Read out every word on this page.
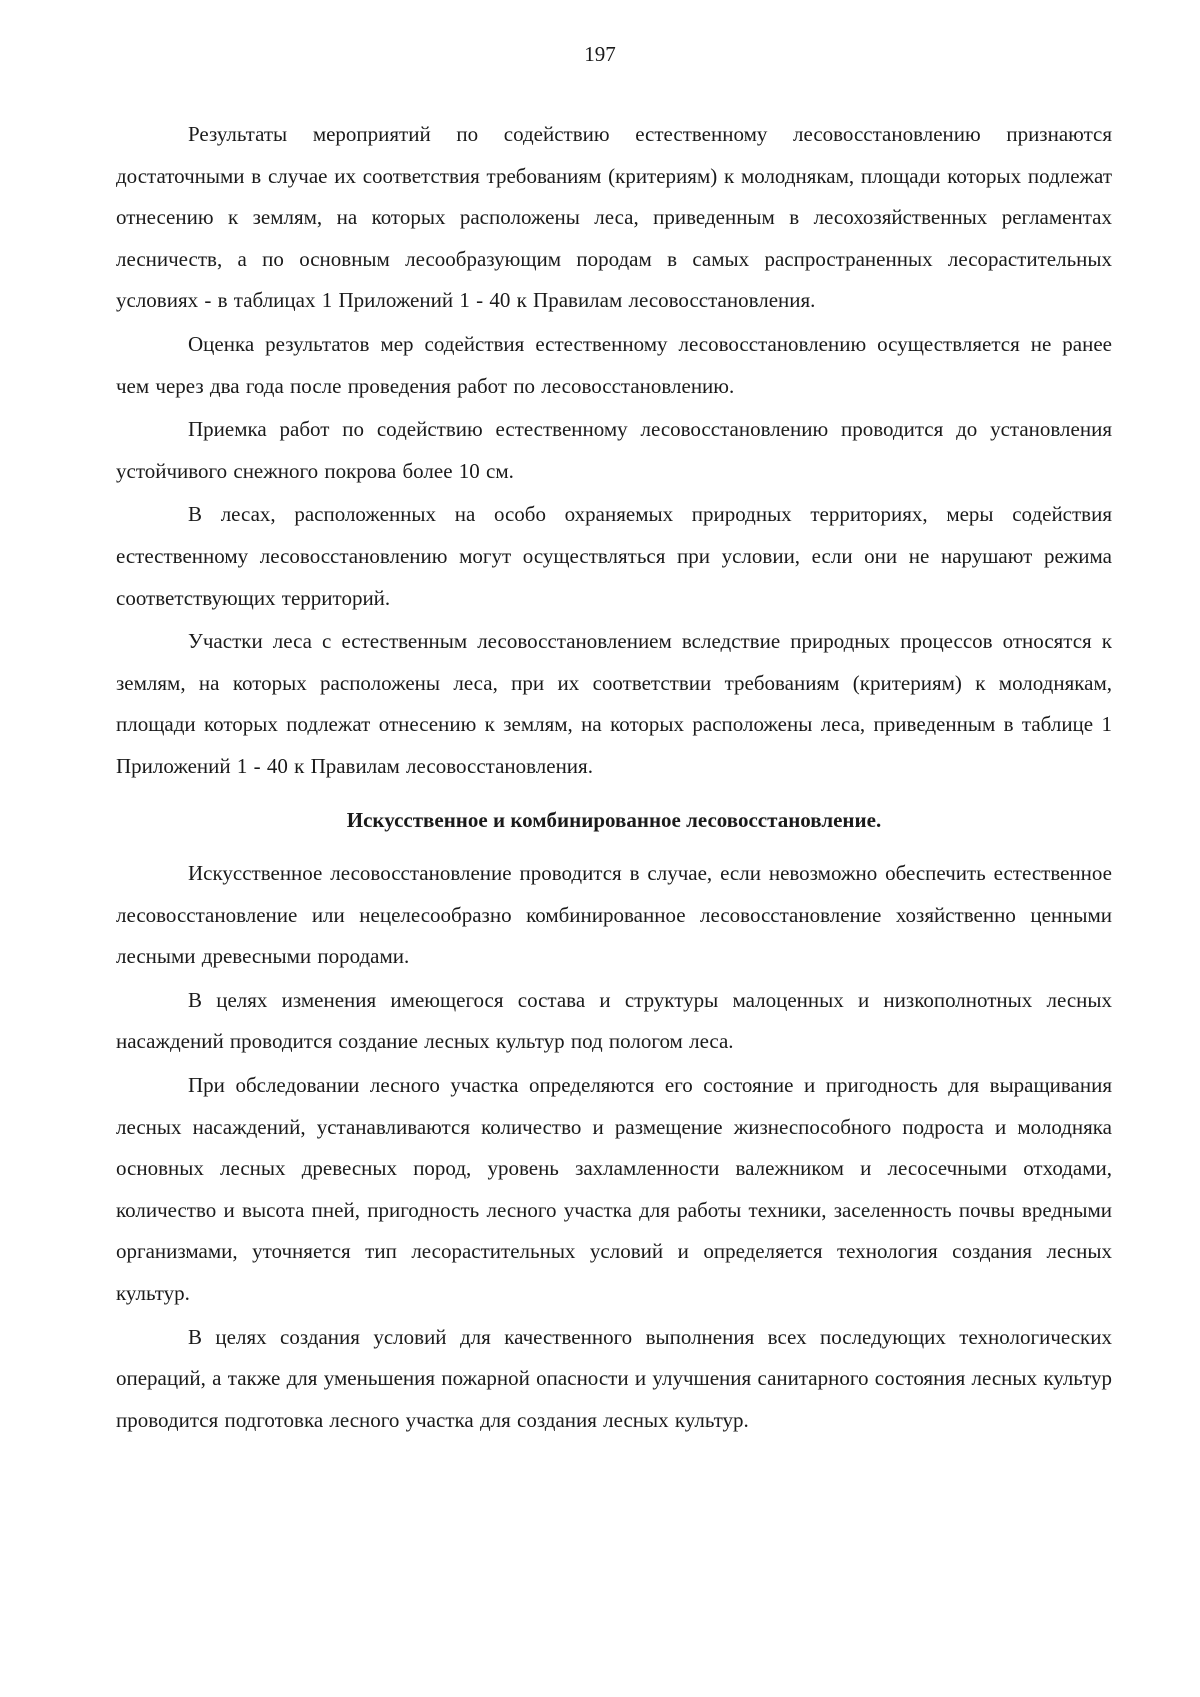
197

Результаты мероприятий по содействию естественному лесовосстановлению признаются достаточными в случае их соответствия требованиям (критериям) к молоднякам, площади которых подлежат отнесению к землям, на которых расположены леса, приведенным в лесохозяйственных регламентах лесничеств, а по основным лесообразующим породам в самых распространенных лесорастительных условиях - в таблицах 1 Приложений 1 - 40 к Правилам лесовосстановления.

Оценка результатов мер содействия естественному лесовосстановлению осуществляется не ранее чем через два года после проведения работ по лесовосстановлению.

Приемка работ по содействию естественному лесовосстановлению проводится до установления устойчивого снежного покрова более 10 см.

В лесах, расположенных на особо охраняемых природных территориях, меры содействия естественному лесовосстановлению могут осуществляться при условии, если они не нарушают режима соответствующих территорий.

Участки леса с естественным лесовосстановлением вследствие природных процессов относятся к землям, на которых расположены леса, при их соответствии требованиям (критериям) к молоднякам, площади которых подлежат отнесению к землям, на которых расположены леса, приведенным в таблице 1 Приложений 1 - 40 к Правилам лесовосстановления.

Искусственное и комбинированное лесовосстановление.

Искусственное лесовосстановление проводится в случае, если невозможно обеспечить естественное лесовосстановление или нецелесообразно комбинированное лесовосстановление хозяйственно ценными лесными древесными породами.

В целях изменения имеющегося состава и структуры малоценных и низкополнотных лесных насаждений проводится создание лесных культур под пологом леса.

При обследовании лесного участка определяются его состояние и пригодность для выращивания лесных насаждений, устанавливаются количество и размещение жизнеспособного подроста и молодняка основных лесных древесных пород, уровень захламленности валежником и лесосечными отходами, количество и высота пней, пригодность лесного участка для работы техники, заселенность почвы вредными организмами, уточняется тип лесорастительных условий и определяется технология создания лесных культур.

В целях создания условий для качественного выполнения всех последующих технологических операций, а также для уменьшения пожарной опасности и улучшения санитарного состояния лесных культур проводится подготовка лесного участка для создания лесных культур.
